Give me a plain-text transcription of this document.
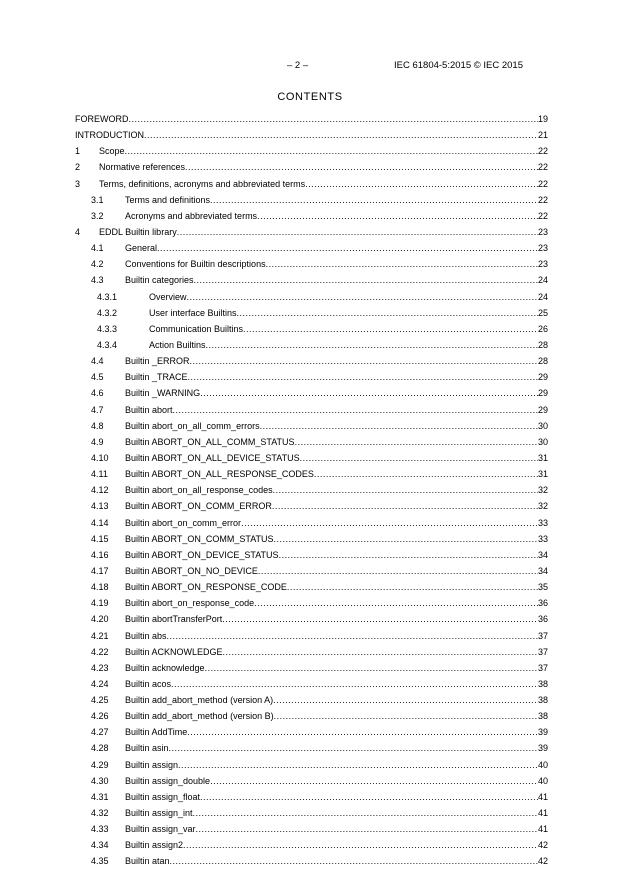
– 2 –	IEC 61804-5:2015 © IEC 2015
CONTENTS
FOREWORD .....	19
INTRODUCTION .....	21
1 Scope .....	22
2 Normative references .....	22
3 Terms, definitions, acronyms and abbreviated terms .....	22
3.1 Terms and definitions .....	22
3.2 Acronyms and abbreviated terms .....	22
4 EDDL Builtin library .....	23
4.1 General .....	23
4.2 Conventions for Builtin descriptions .....	23
4.3 Builtin categories .....	24
4.3.1	Overview .....	24
4.3.2	User interface Builtins .....	25
4.3.3	Communication Builtins .....	26
4.3.4	Action Builtins .....	28
4.4 Builtin _ERROR .....	28
4.5 Builtin _TRACE .....	29
4.6 Builtin _WARNING .....	29
4.7 Builtin abort .....	29
4.8 Builtin abort_on_all_comm_errors .....	30
4.9 Builtin ABORT_ON_ALL_COMM_STATUS .....	30
4.10 Builtin ABORT_ON_ALL_DEVICE_STATUS .....	31
4.11 Builtin ABORT_ON_ALL_RESPONSE_CODES .....	31
4.12 Builtin abort_on_all_response_codes .....	32
4.13 Builtin ABORT_ON_COMM_ERROR .....	32
4.14 Builtin abort_on_comm_error .....	33
4.15 Builtin ABORT_ON_COMM_STATUS .....	33
4.16 Builtin ABORT_ON_DEVICE_STATUS .....	34
4.17 Builtin ABORT_ON_NO_DEVICE .....	34
4.18 Builtin ABORT_ON_RESPONSE_CODE .....	35
4.19 Builtin abort_on_response_code .....	36
4.20 Builtin abortTransferPort .....	36
4.21 Builtin abs .....	37
4.22 Builtin ACKNOWLEDGE .....	37
4.23 Builtin acknowledge .....	37
4.24 Builtin acos .....	38
4.25 Builtin add_abort_method (version A) .....	38
4.26 Builtin add_abort_method (version B) .....	38
4.27 Builtin AddTime .....	39
4.28 Builtin asin .....	39
4.29 Builtin assign .....	40
4.30 Builtin assign_double .....	40
4.31 Builtin assign_float .....	41
4.32 Builtin assign_int .....	41
4.33 Builtin assign_var .....	41
4.34 Builtin assign2 .....	42
4.35 Builtin atan .....	42
